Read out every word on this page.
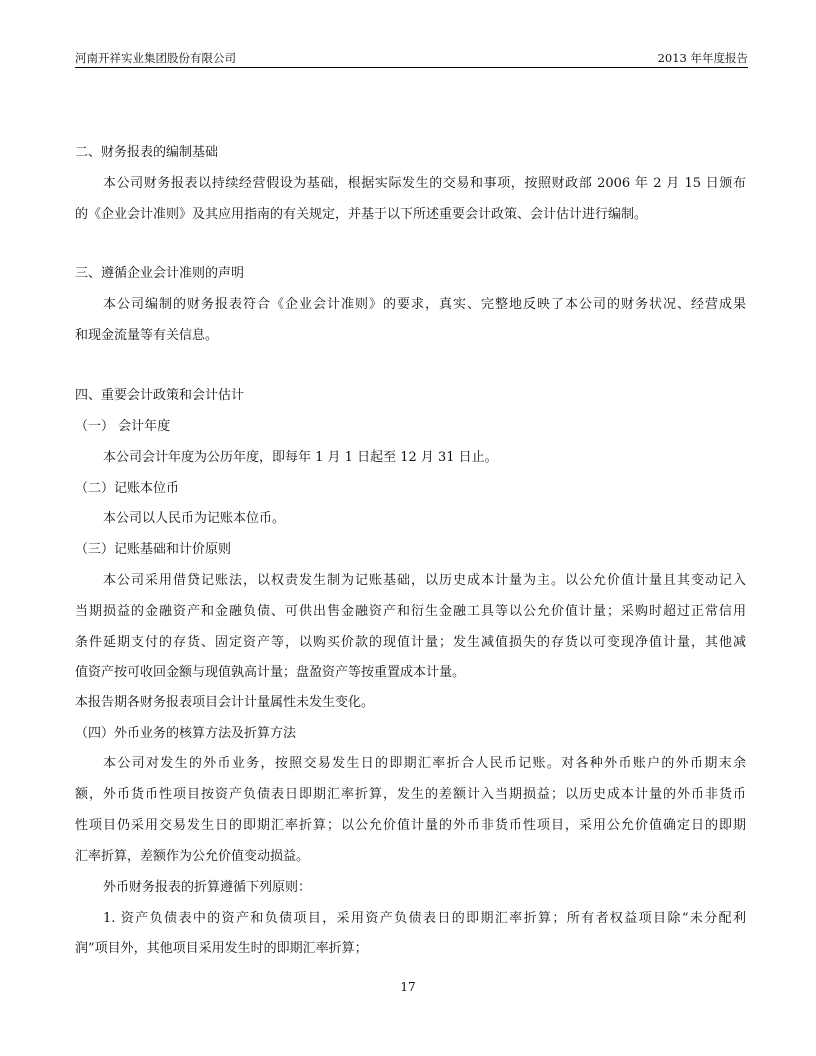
河南开祥实业集团股份有限公司	2013 年年度报告
二、财务报表的编制基础
本公司财务报表以持续经营假设为基础，根据实际发生的交易和事项，按照财政部 2006 年 2 月 15 日颁布
的《企业会计准则》及其应用指南的有关规定，并基于以下所述重要会计政策、会计估计进行编制。
三、遵循企业会计准则的声明
本公司编制的财务报表符合《企业会计准则》的要求，真实、完整地反映了本公司的财务状况、经营成果
和现金流量等有关信息。
四、重要会计政策和会计估计
（一） 会计年度
本公司会计年度为公历年度，即每年 1 月 1 日起至 12 月 31 日止。
（二）记账本位币
本公司以人民币为记账本位币。
（三）记账基础和计价原则
本公司采用借贷记账法，以权责发生制为记账基础，以历史成本计量为主。以公允价值计量且其变动记入
当期损益的金融资产和金融负债、可供出售金融资产和衍生金融工具等以公允价值计量；采购时超过正常信用
条件延期支付的存货、固定资产等，以购买价款的现值计量；发生减值损失的存货以可变现净值计量，其他减
值资产按可收回金额与现值孰高计量；盘盈资产等按重置成本计量。
本报告期各财务报表项目会计计量属性未发生变化。
（四）外币业务的核算方法及折算方法
本公司对发生的外币业务，按照交易发生日的即期汇率折合人民币记账。对各种外币账户的外币期末余
额，外币货币性项目按资产负债表日即期汇率折算，发生的差额计入当期损益；以历史成本计量的外币非货币
性项目仍采用交易发生日的即期汇率折算；以公允价值计量的外币非货币性项目，采用公允价值确定日的即期
汇率折算，差额作为公允价值变动损益。
外币财务报表的折算遵循下列原则：
1. 资产负债表中的资产和负债项目，采用资产负债表日的即期汇率折算；所有者权益项目除“未分配利
润”项目外，其他项目采用发生时的即期汇率折算；
17
